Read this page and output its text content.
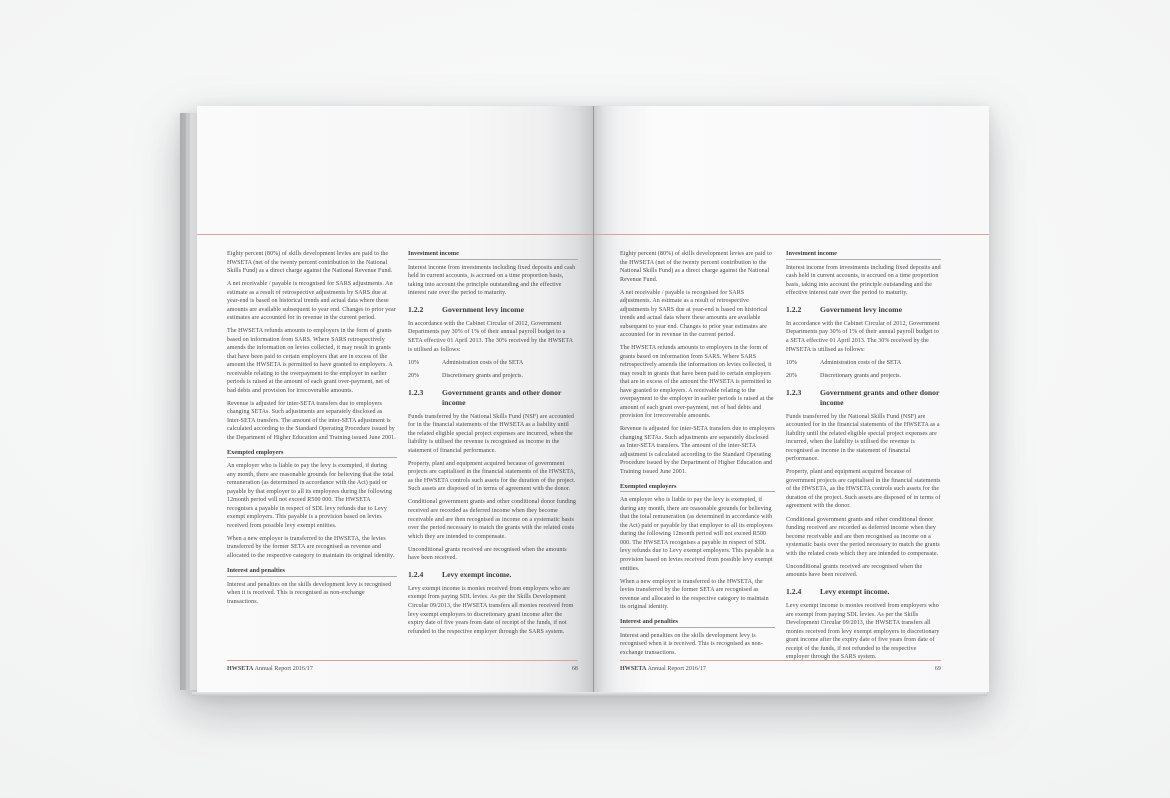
Eighty percent (80%) of skills development levies are paid to the HWSETA (net of the twenty percent contribution to the National Skills Fund) as a direct charge against the National Revenue Fund.

A net receivable / payable is recognised for SARS adjustments. An estimate as a result of retrospective adjustments by SARS due at year-end is based on historical trends and actual data where these amounts are available subsequent to year end. Changes to prior year estimates are accounted for in revenue in the current period.

The HWSETA refunds amounts to employers in the form of grants based on information from SARS. Where SARS retrospectively amends the information on levies collected, it may result in grants that have been paid to certain employers that are in excess of the amount the HWSETA is permitted to have granted to employers. A receivable relating to the overpayment to the employer in earlier periods is raised at the amount of each grant over-payment, net of bad debts and provision for irrecoverable amounts.

Revenue is adjusted for inter-SETA transfers due to employers changing SETAs. Such adjustments are separately disclosed as Inter-SETA transfers. The amount of the inter-SETA adjustment is calculated according to the Standard Operating Procedure issued by the Department of Higher Education and Training issued June 2001.

Exempted employers

An employer who is liable to pay the levy is exempted, if during any month, there are reasonable grounds for believing that the total remuneration (as determined in accordance with the Act) paid or payable by that employer to all its employees during the following 12month period will not exceed R500 000. The HWSETA recognises a payable in respect of SDL levy refunds due to Levy exempt employers. This payable is a provision based on levies received from possible levy exempt entities.

When a new employer is transferred to the HWSETA, the levies transferred by the former SETA are recognised as revenue and allocated to the respective category to maintain its original identity.

Interest and penalties

Interest and penalties on the skills development levy is recognised when it is received. This is recognised as non-exchange transactions.

Investment income

Interest income from investments including fixed deposits and cash held in current accounts, is accrued on a time proportion basis, taking into account the principle outstanding and the effective interest rate over the period to maturity.

1.2.2	Government levy income

In accordance with the Cabinet Circular of 2012, Government Departments pay 30% of 1% of their annual payroll budget to a SETA effective 01 April 2013. The 30% received by the HWSETA is utilised as follows:

10%	Administration costs of the SETA
20%	Discretionary grants and projects.
1.2.3	Government grants and other donor income

Funds transferred by the National Skills Fund (NSF) are accounted for in the financial statements of the HWSETA as a liability until the related eligible special project expenses are incurred, when the liability is utilised the revenue is recognised as income in the statement of financial performance.

Property, plant and equipment acquired because of government projects are capitalised in the financial statements of the HWSETA, as the HWSETA controls such assets for the duration of the project. Such assets are disposed of in terms of agreement with the donor.

Conditional government grants and other conditional donor funding received are recorded as deferred income when they become receivable and are then recognised as income on a systematic basis over the period necessary to match the grants with the related costs which they are intended to compensate.

Unconditional grants received are recognised when the amounts have been received.

1.2.4	Levy exempt income.

Levy exempt income is monies received from employers who are exempt from paying SDL levies. As per the Skills Development Circular 09/2013, the HWSETA transfers all monies received from levy exempt employers to discretionary grant income after the expiry date of five years from date of receipt of the funds, if not refunded to the respective employer through the SARS system.

HWSETA Annual Report 2016/17	68

Eighty percent (80%) of skills development levies are paid to the HWSETA (net of the twenty percent contribution to the National Skills Fund) as a direct charge against the National Revenue Fund.

A net receivable / payable is recognised for SARS adjustments. An estimate as a result of retrospective adjustments by SARS due at year-end is based on historical trends and actual data where these amounts are available subsequent to year end. Changes to prior year estimates are accounted for in revenue in the current period.

The HWSETA refunds amounts to employers in the form of grants based on information from SARS. Where SARS retrospectively amends the information on levies collected, it may result in grants that have been paid to certain employers that are in excess of the amount the HWSETA is permitted to have granted to employers. A receivable relating to the overpayment to the employer in earlier periods is raised at the amount of each grant over-payment, net of bad debts and provision for irrecoverable amounts.

Revenue is adjusted for inter-SETA transfers due to employers changing SETAs. Such adjustments are separately disclosed as Inter-SETA transfers. The amount of the inter-SETA adjustment is calculated according to the Standard Operating Procedure issued by the Department of Higher Education and Training issued June 2001.

Exempted employers

An employer who is liable to pay the levy is exempted, if during any month, there are reasonable grounds for believing that the total remuneration (as determined in accordance with the Act) paid or payable by that employer to all its employees during the following 12month period will not exceed R500 000. The HWSETA recognises a payable in respect of SDL levy refunds due to Levy exempt employers. This payable is a provision based on levies received from possible levy exempt entities.

When a new employer is transferred to the HWSETA, the levies transferred by the former SETA are recognised as revenue and allocated to the respective category to maintain its original identity.

Interest and penalties

Interest and penalties on the skills development levy is recognised when it is received. This is recognised as non-exchange transactions.

Investment income

Interest income from investments including fixed deposits and cash held in current accounts, is accrued on a time proportion basis, taking into account the principle outstanding and the effective interest rate over the period to maturity.

1.2.2	Government levy income

In accordance with the Cabinet Circular of 2012, Government Departments pay 30% of 1% of their annual payroll budget to a SETA effective 01 April 2013. The 30% received by the HWSETA is utilised as follows:

10%	Administration costs of the SETA
20%	Discretionary grants and projects.
1.2.3	Government grants and other donor income

Funds transferred by the National Skills Fund (NSF) are accounted for in the financial statements of the HWSETA as a liability until the related eligible special project expenses are incurred, when the liability is utilised the revenue is recognised as income in the statement of financial performance.

Property, plant and equipment acquired because of government projects are capitalised in the financial statements of the HWSETA, as the HWSETA controls such assets for the duration of the project. Such assets are disposed of in terms of agreement with the donor.

Conditional government grants and other conditional donor funding received are recorded as deferred income when they become receivable and are then recognised as income on a systematic basis over the period necessary to match the grants with the related costs which they are intended to compensate.

Unconditional grants received are recognised when the amounts have been received.

1.2.4	Levy exempt income.

Levy exempt income is monies received from employers who are exempt from paying SDL levies. As per the Skills Development Circular 09/2013, the HWSETA transfers all monies received from levy exempt employers to discretionary grant income after the expiry date of five years from date of receipt of the funds, if not refunded to the respective employer through the SARS system.

HWSETA Annual Report 2016/17	69
